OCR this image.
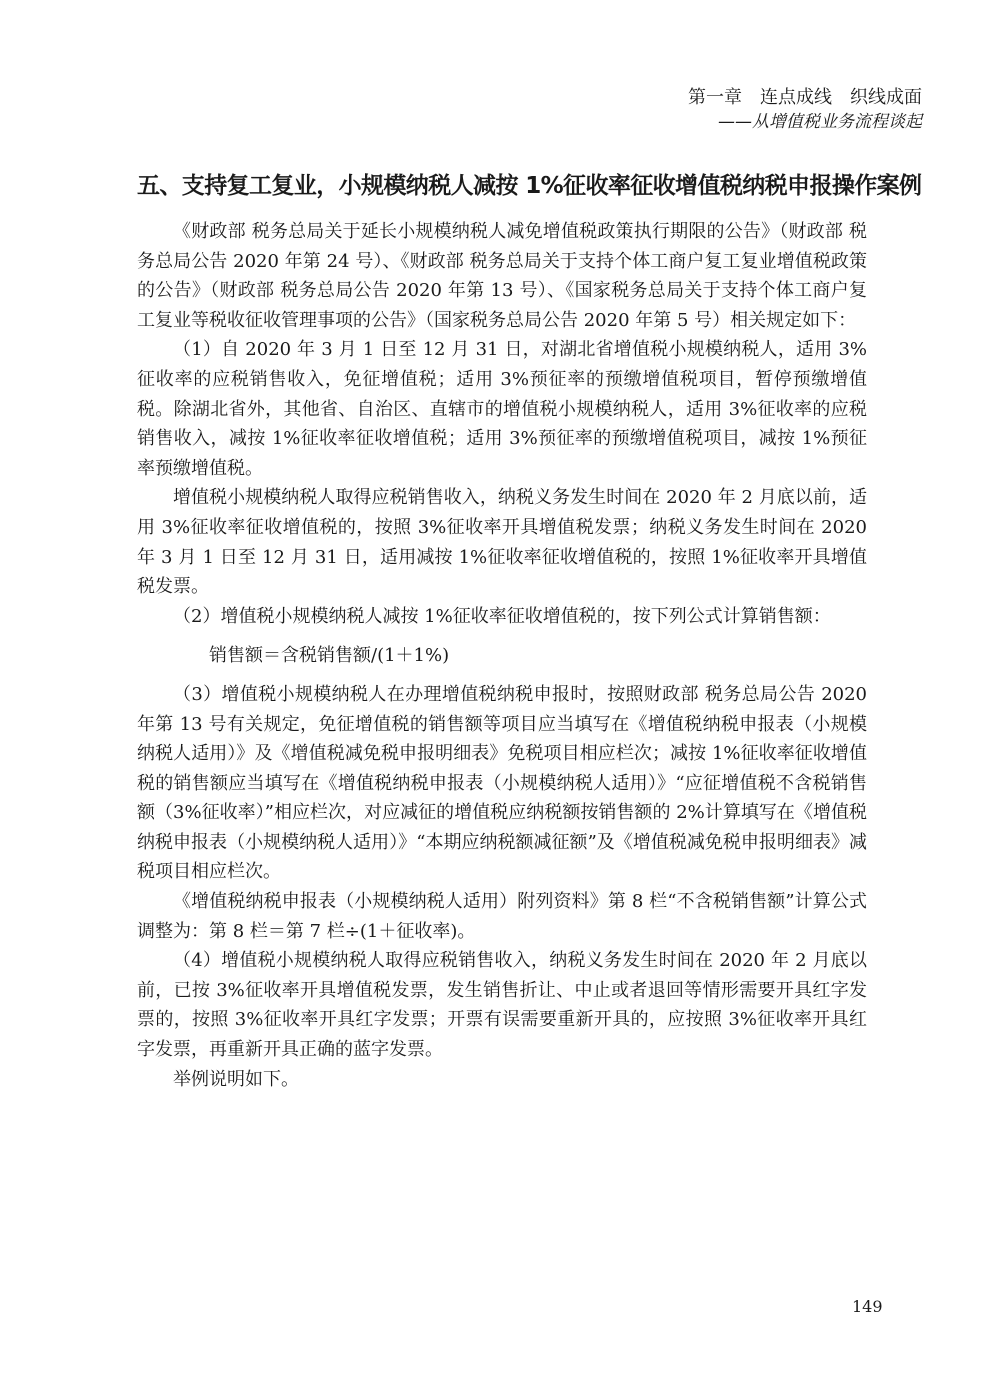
第一章　连点成线　织线成面
——从增值税业务流程谈起
五、支持复工复业，小规模纳税人减按 1%征收率征收增值税纳税申报操作案例

《财政部 税务总局关于延长小规模纳税人减免增值税政策执行期限的公告》（财政部 税务总局公告 2020 年第 24 号）、《财政部 税务总局关于支持个体工商户复工复业增值税政策的公告》（财政部 税务总局公告 2020 年第 13 号）、《国家税务总局关于支持个体工商户复工复业等税收征收管理事项的公告》（国家税务总局公告 2020 年第 5 号）相关规定如下：

（1）自 2020 年 3 月 1 日至 12 月 31 日，对湖北省增值税小规模纳税人，适用 3%征收率的应税销售收入，免征增值税；适用 3%预征率的预缴增值税项目，暂停预缴增值税。除湖北省外，其他省、自治区、直辖市的增值税小规模纳税人，适用 3%征收率的应税销售收入，减按 1%征收率征收增值税；适用 3%预征率的预缴增值税项目，减按 1%预征率预缴增值税。

增值税小规模纳税人取得应税销售收入，纳税义务发生时间在 2020 年 2 月底以前，适用 3%征收率征收增值税的，按照 3%征收率开具增值税发票；纳税义务发生时间在 2020 年 3 月 1 日至 12 月 31 日，适用减按 1%征收率征收增值税的，按照 1%征收率开具增值税发票。

（2）增值税小规模纳税人减按 1%征收率征收增值税的，按下列公式计算销售额：

销售额＝含税销售额/(1＋1%)

（3）增值税小规模纳税人在办理增值税纳税申报时，按照财政部 税务总局公告 2020 年第 13 号有关规定，免征增值税的销售额等项目应当填写在《增值税纳税申报表（小规模纳税人适用）》及《增值税减免税申报明细表》免税项目相应栏次；减按 1%征收率征收增值税的销售额应当填写在《增值税纳税申报表（小规模纳税人适用）》“应征增值税不含税销售额（3%征收率）”相应栏次，对应减征的增值税应纳税额按销售额的 2%计算填写在《增值税纳税申报表（小规模纳税人适用）》“本期应纳税额减征额”及《增值税减免税申报明细表》减税项目相应栏次。

《增值税纳税申报表（小规模纳税人适用）附列资料》第 8 栏“不含税销售额”计算公式调整为：第 8 栏＝第 7 栏÷(1＋征收率)。

（4）增值税小规模纳税人取得应税销售收入，纳税义务发生时间在 2020 年 2 月底以前，已按 3%征收率开具增值税发票，发生销售折让、中止或者退回等情形需要开具红字发票的，按照 3%征收率开具红字发票；开票有误需要重新开具的，应按照 3%征收率开具红字发票，再重新开具正确的蓝字发票。

举例说明如下。

149
